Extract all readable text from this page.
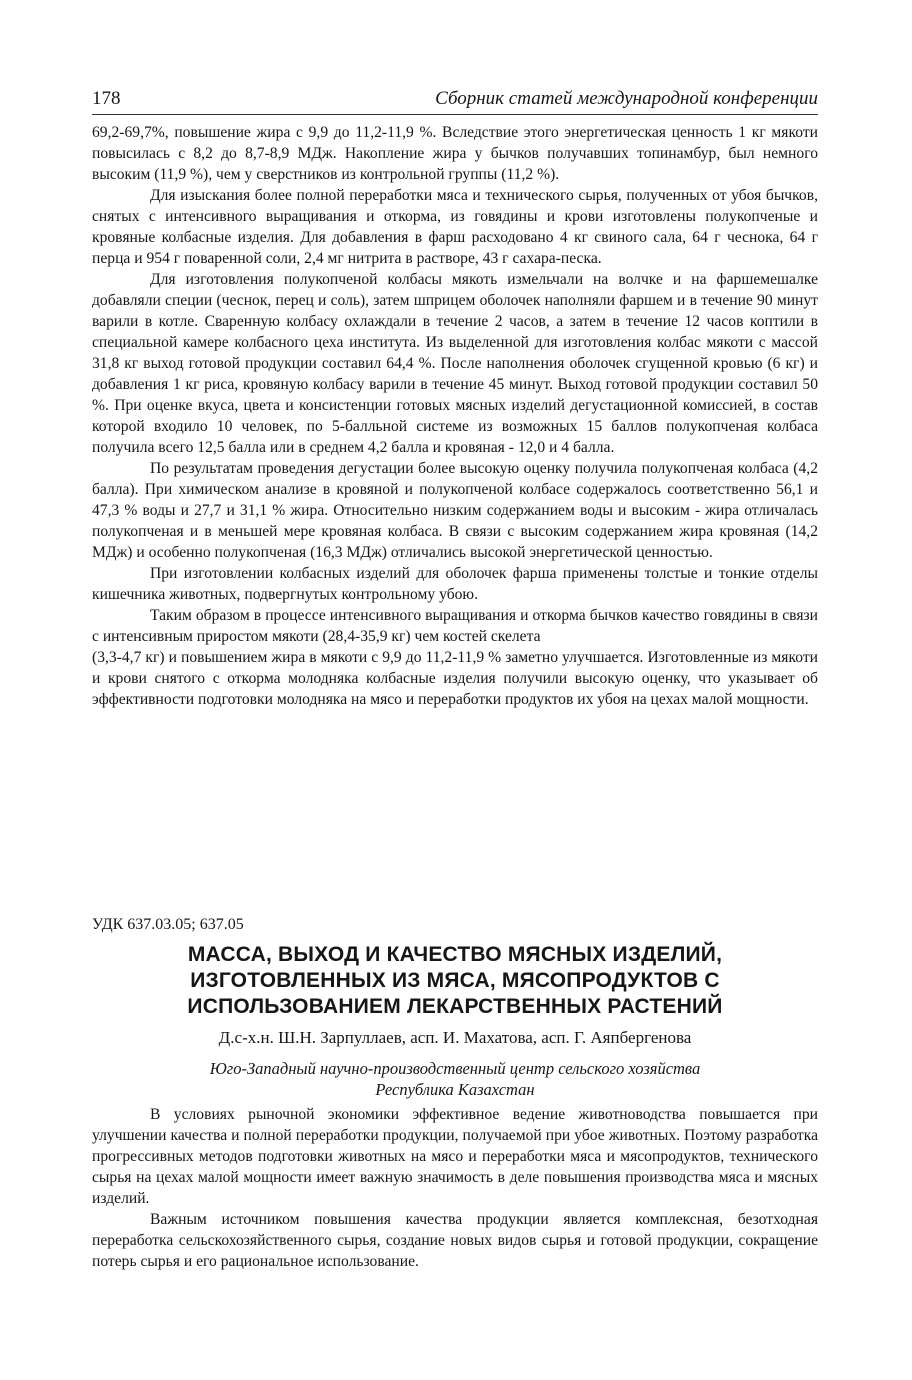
178	Сборник статей международной конференции

69,2-69,7%, повышение жира с 9,9 до 11,2-11,9 %. Вследствие этого энергетическая ценность 1 кг мякоти повысилась с 8,2 до 8,7-8,9 МДж. Накопление жира у бычков получавших топинамбур, был немного высоким (11,9 %), чем у сверстников из контрольной группы (11,2 %).

Для изыскания более полной переработки мяса и технического сырья, полученных от убоя бычков, снятых с интенсивного выращивания и откорма, из говядины и крови изготовлены полукопченые и кровяные колбасные изделия. Для добавления в фарш расходовано 4 кг свиного сала, 64 г чеснока, 64 г перца и 954 г поваренной соли, 2,4 мг нитрита в растворе, 43 г сахара-песка.

Для изготовления полукопченой колбасы мякоть измельчали на волчке и на фаршемешалке добавляли специи (чеснок, перец и соль), затем шприцем оболочек наполняли фаршем и в течение 90 минут варили в котле. Сваренную колбасу охлаждали в течение 2 часов, а затем в течение 12 часов коптили в специальной камере колбасного цеха института. Из выделенной для изготовления колбас мякоти с массой 31,8 кг выход готовой продукции составил 64,4 %. После наполнения оболочек сгущенной кровью (6 кг) и добавления 1 кг риса, кровяную колбасу варили в течение 45 минут. Выход готовой продукции составил 50 %. При оценке вкуса, цвета и консистенции готовых мясных изделий дегустационной комиссией, в состав которой входило 10 человек, по 5-балльной системе из возможных 15 баллов полукопченая колбаса получила всего 12,5 балла или в среднем 4,2 балла и кровяная - 12,0 и 4 балла.

По результатам проведения дегустации более высокую оценку получила полукопченая колбаса (4,2 балла). При химическом анализе в кровяной и полукопченой колбасе содержалось соответственно 56,1 и 47,3 % воды и 27,7 и 31,1 % жира. Относительно низким содержанием воды и высоким - жира отличалась полукопченая и в меньшей мере кровяная колбаса. В связи с высоким содержанием жира кровяная (14,2 МДж) и особенно полукопченая (16,3 МДж) отличались высокой энергетической ценностью.

При изготовлении колбасных изделий для оболочек фарша применены толстые и тонкие отделы кишечника животных, подвергнутых контрольному убою.

Таким образом в процессе интенсивного выращивания и откорма бычков качество говядины в связи с интенсивным приростом мякоти (28,4-35,9 кг) чем костей скелета

(3,3-4,7 кг) и повышением жира в мякоти с 9,9 до 11,2-11,9 % заметно улучшается. Изготовленные из мякоти и крови снятого с откорма молодняка колбасные изделия получили высокую оценку, что указывает об эффективности подготовки молодняка на мясо и переработки продуктов их убоя на цехах малой мощности.

УДК 637.03.05; 637.05
МАССА, ВЫХОД И КАЧЕСТВО МЯСНЫХ ИЗДЕЛИЙ,
ИЗГОТОВЛЕННЫХ ИЗ МЯСА, МЯСОПРОДУКТОВ С
ИСПОЛЬЗОВАНИЕМ ЛЕКАРСТВЕННЫХ РАСТЕНИЙ
Д.с-х.н. Ш.Н. Зарпуллаев, асп. И. Махатова, асп. Г. Аяпбергенова
Юго-Западный научно-производственный центр сельского хозяйства
Республика Казахстан

В условиях рыночной экономики эффективное ведение животноводства повышается при улучшении качества и полной переработки продукции, получаемой при убое животных. Поэтому разработка прогрессивных методов подготовки животных на мясо и переработки мяса и мясопродуктов, технического сырья на цехах малой мощности имеет важную значимость в деле повышения производства мяса и мясных изделий.

Важным источником повышения качества продукции является комплексная, безотходная переработка сельскохозяйственного сырья, создание новых видов сырья и готовой продукции, сокращение потерь сырья и его рациональное использование.
